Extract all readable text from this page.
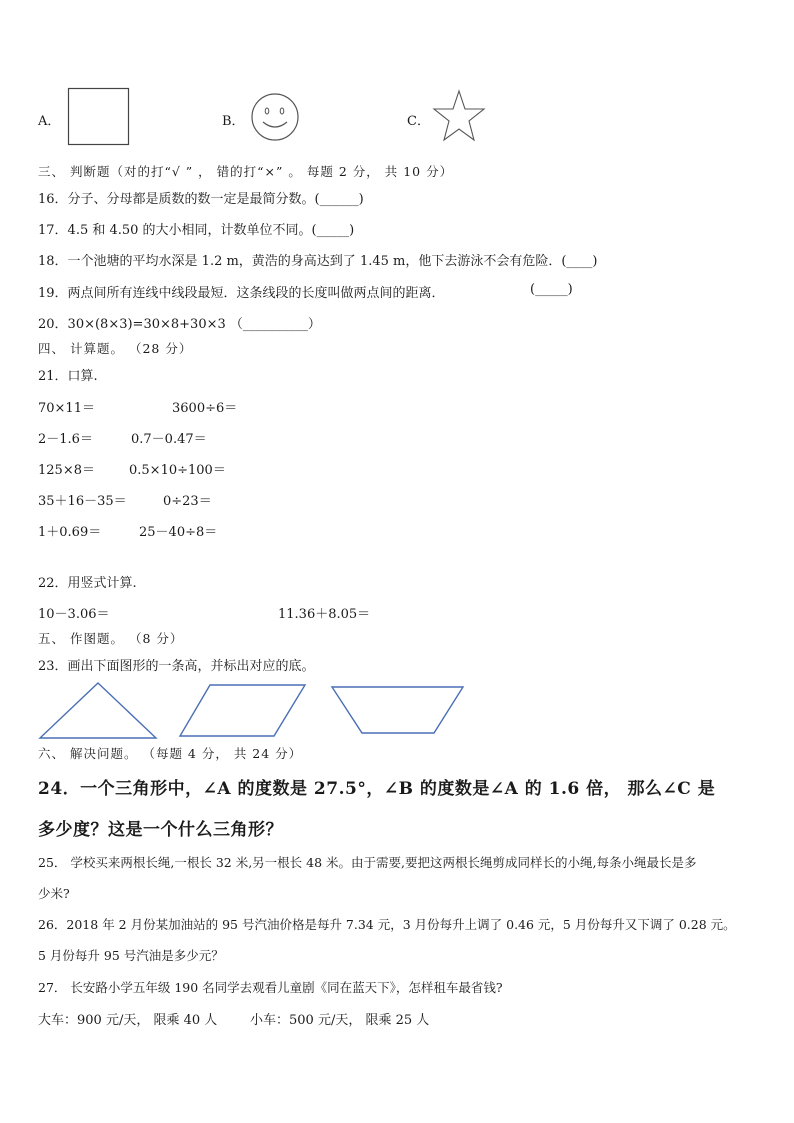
A．	B．	C．
三、 判断题（对的打“√ ” ， 错的打“×” 。 每题 2 分， 共 10 分）
16．分子、分母都是质数的数一定是最简分数。(______)
17．4.5 和 4.50 的大小相同，计数单位不同。(_____)
18．一个池塘的平均水深是 1.2 m，黄浩的身高达到了 1.45 m，他下去游泳不会有危险．(____)
19．两点间所有连线中线段最短．这条线段的长度叫做两点间的距离．	(_____)
20．30×(8×3)=30×8+30×3 （__________）
四、 计算题。 （28 分）
21．口算.
70×11＝	3600÷6＝
2－1.6＝	0.7－0.47＝
125×8＝	0.5×10÷100＝
35＋16－35＝	0÷23＝
1＋0.69＝	25－40÷8＝
22．用竖式计算.
10－3.06＝	11.36＋8.05＝
五、 作图题。 （8 分）
23．画出下面图形的一条高，并标出对应的底。
六、 解决问题。 （每题 4 分， 共 24 分）
24．一个三角形中，∠A 的度数是 27.5°，∠B 的度数是∠A 的 1.6 倍， 那么∠C 是
多少度？这是一个什么三角形？
25． 学校买来两根长绳,一根长 32 米,另一根长 48 米。由于需要,要把这两根长绳剪成同样长的小绳,每条小绳最长是多
少米?
26．2018 年 2 月份某加油站的 95 号汽油价格是每升 7.34 元，3 月份每升上调了 0.46 元，5 月份每升又下调了 0.28 元。
5 月份每升 95 号汽油是多少元？
27． 长安路小学五年级 190 名同学去观看儿童剧《同在蓝天下》，怎样租车最省钱?
大车：900 元/天， 限乘 40 人	小车：500 元/天， 限乘 25 人
